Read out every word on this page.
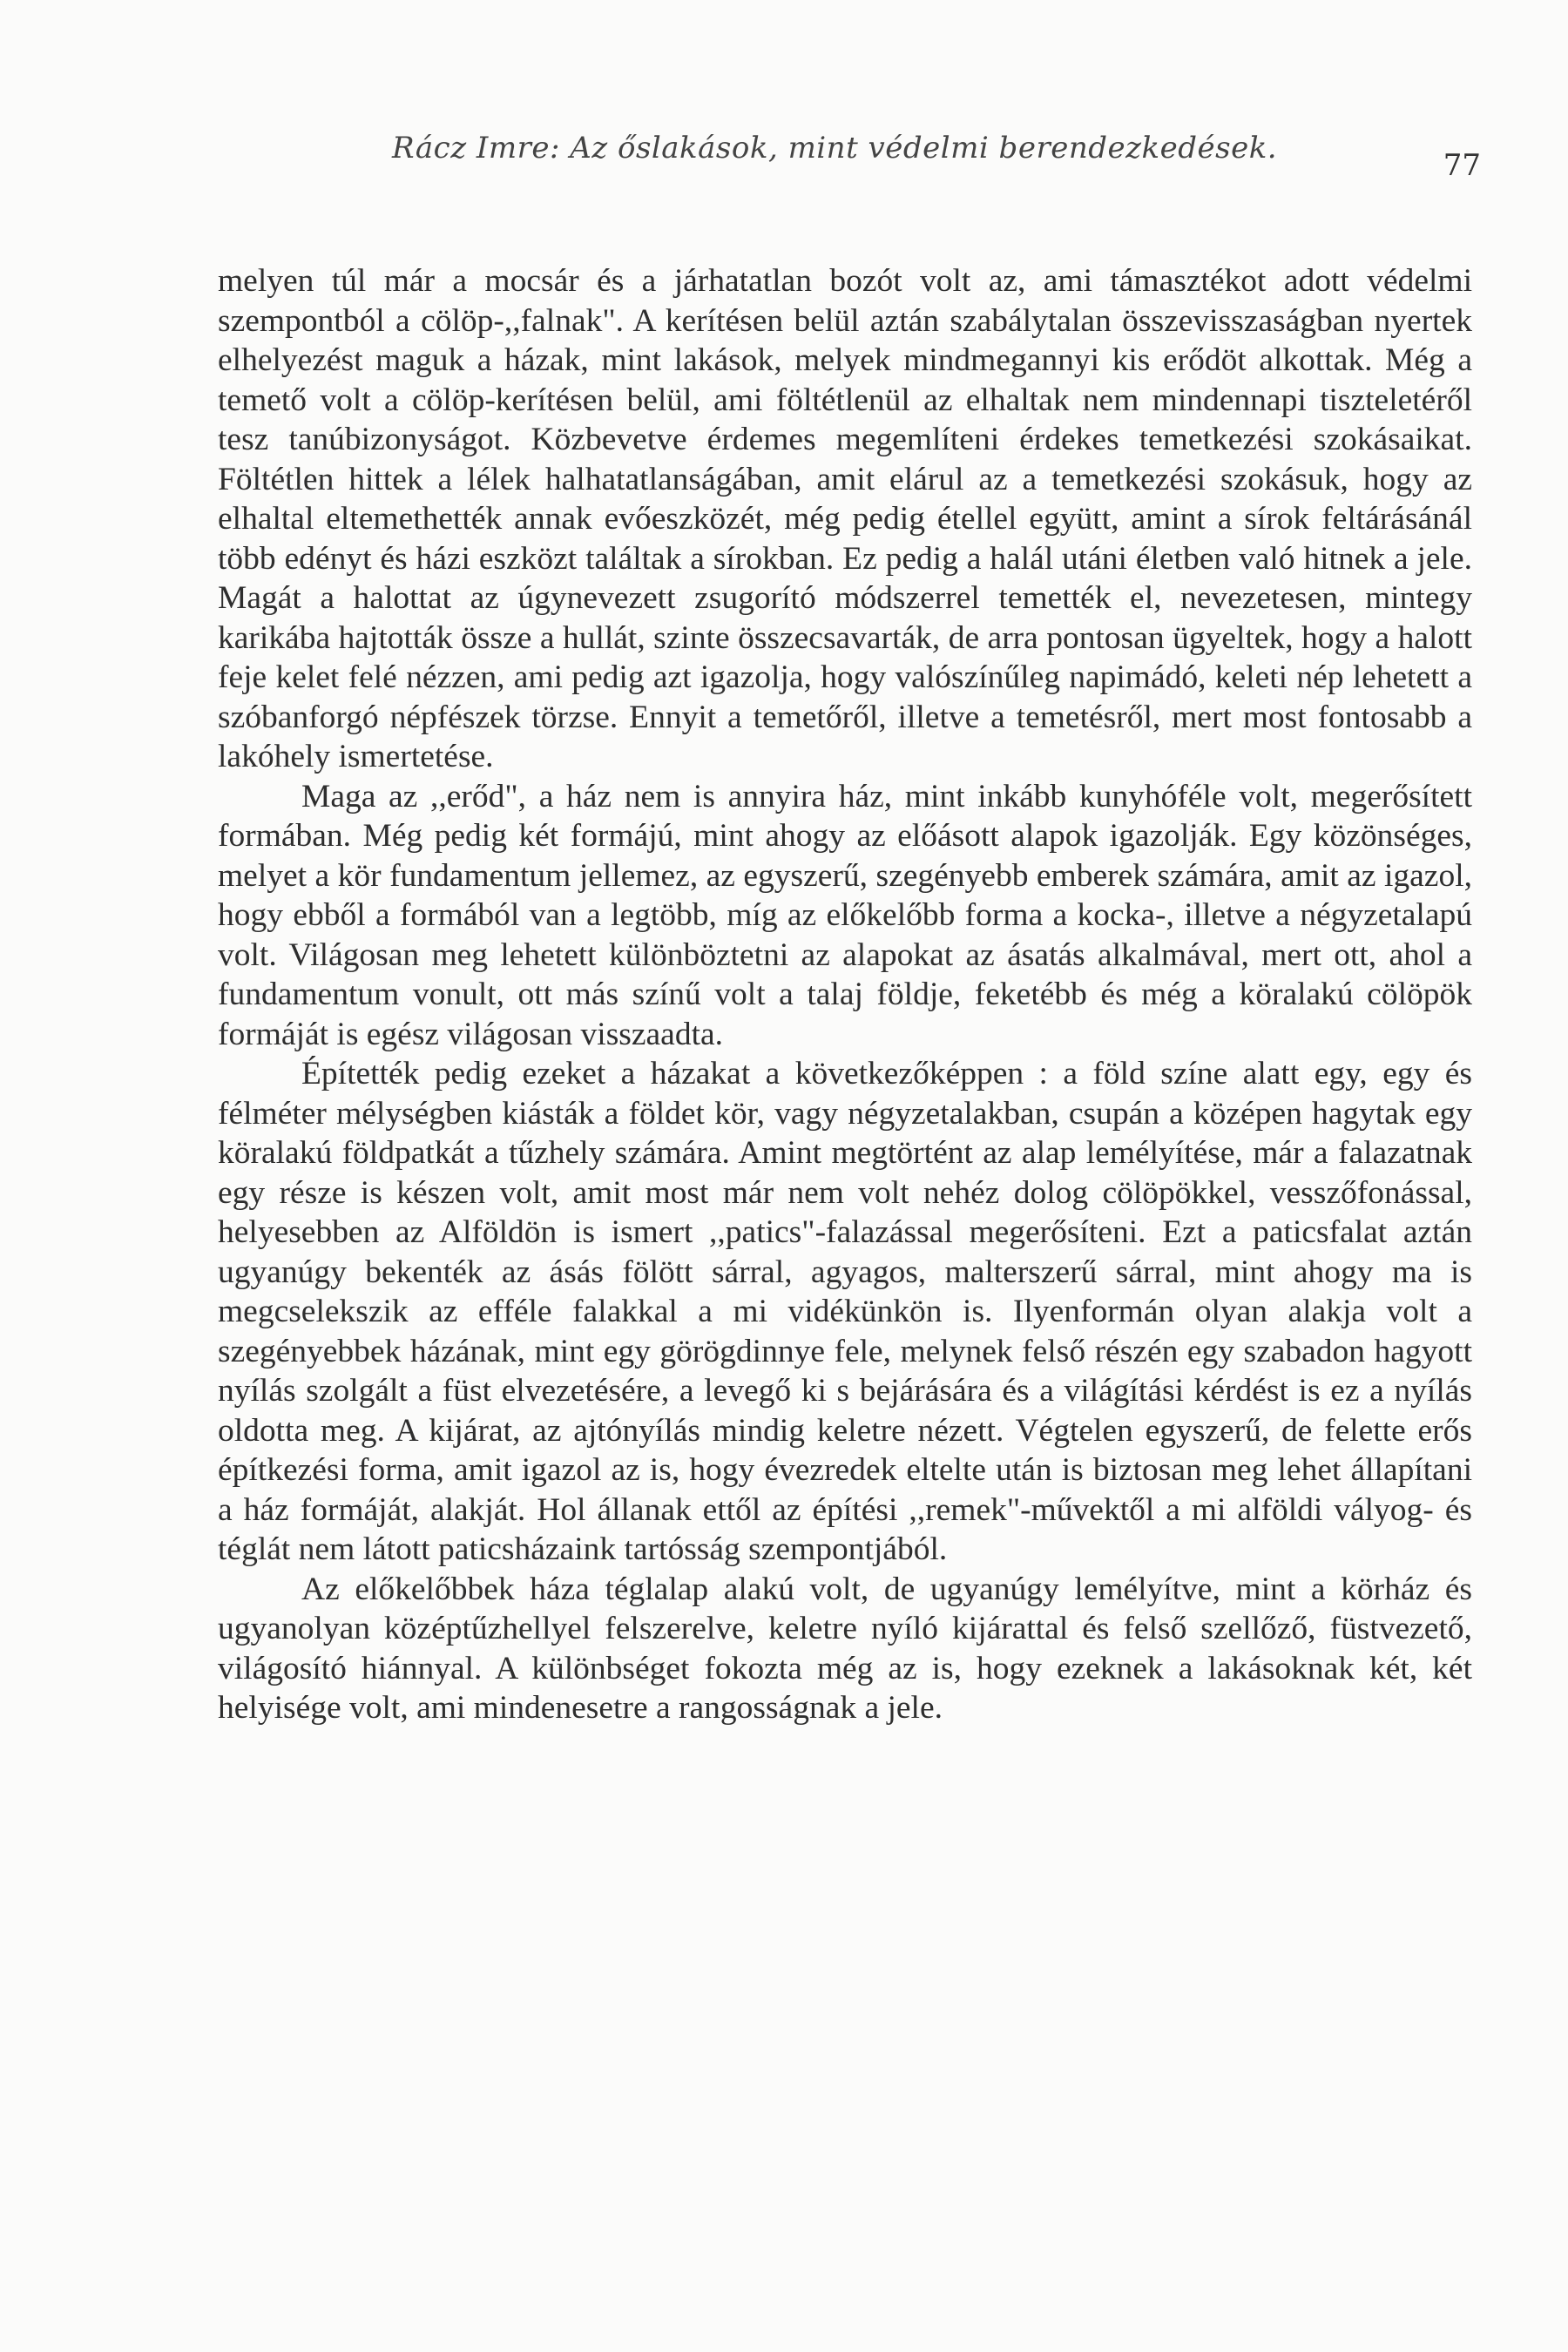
Rácz Imre: Az őslakások, mint védelmi berendezkedések.	77

melyen túl már a mocsár és a járhatatlan bozót volt az, ami támasztékot adott védelmi szempontból a cölöp-,,falnak". A kerítésen belül aztán szabálytalan összevisszaságban nyertek elhelyezést maguk a házak, mint lakások, melyek mindmegannyi kis erődöt alkottak. Még a temető volt a cölöp-kerítésen belül, ami föltétlenül az elhaltak nem mindennapi tiszteletéről tesz tanúbizonyságot. Közbevetve érdemes megemlíteni érdekes temetkezési szokásaikat. Föltétlen hittek a lélek halhatatlanságában, amit elárul az a temetkezési szokásuk, hogy az elhaltal eltemethették annak evőeszközét, még pedig étellel együtt, amint a sírok feltárásánál több edényt és házi eszközt találtak a sírokban. Ez pedig a halál utáni életben való hitnek a jele. Magát a halottat az úgynevezett zsugorító módszerrel temették el, nevezetesen, mintegy karikába hajtották össze a hullát, szinte összecsavarták, de arra pontosan ügyeltek, hogy a halott feje kelet felé nézzen, ami pedig azt igazolja, hogy valószínűleg napimádó, keleti nép lehetett a szóbanforgó népfészek törzse. Ennyit a temetőről, illetve a temetésről, mert most fontosabb a lakóhely ismertetése.

Maga az ,,erőd", a ház nem is annyira ház, mint inkább kunyhóféle volt, megerősített formában. Még pedig két formájú, mint ahogy az előásott alapok igazolják. Egy közönséges, melyet a kör fundamentum jellemez, az egyszerű, szegényebb emberek számára, amit az igazol, hogy ebből a formából van a legtöbb, míg az előkelőbb forma a kocka-, illetve a négyzetalapú volt. Világosan meg lehetett különböztetni az alapokat az ásatás alkalmával, mert ott, ahol a fundamentum vonult, ott más színű volt a talaj földje, feketébb és még a köralakú cölöpök formáját is egész világosan visszaadta.

Építették pedig ezeket a házakat a következőképpen : a föld színe alatt egy, egy és félméter mélységben kiásták a földet kör, vagy négyzetalakban, csupán a középen hagytak egy köralakú földpatkát a tűzhely számára. Amint megtörtént az alap lemélyítése, már a falazatnak egy része is készen volt, amit most már nem volt nehéz dolog cölöpökkel, vesszőfonással, helyesebben az Alföldön is ismert ,,patics"-falazással megerősíteni. Ezt a paticsfalat aztán ugyanúgy bekenték az ásás fölött sárral, agyagos, malterszerű sárral, mint ahogy ma is megcselekszik az efféle falakkal a mi vidékünkön is. Ilyenformán olyan alakja volt a szegényebbek házának, mint egy görögdinnye fele, melynek felső részén egy szabadon hagyott nyílás szolgált a füst elvezetésére, a levegő ki s bejárására és a világítási kérdést is ez a nyílás oldotta meg. A kijárat, az ajtónyílás mindig keletre nézett. Végtelen egyszerű, de felette erős építkezési forma, amit igazol az is, hogy évezredek eltelte után is biztosan meg lehet állapítani a ház formáját, alakját. Hol állanak ettől az építési ,,remek"-művektől a mi alföldi vályog- és téglát nem látott paticsházaink tartósság szempontjából.

Az előkelőbbek háza téglalap alakú volt, de ugyanúgy lemélyítve, mint a körház és ugyanolyan középtűzhellyel felszerelve, keletre nyíló kijárattal és felső szellőző, füstvezető, világosító hiánnyal. A különbséget fokozta még az is, hogy ezeknek a lakásoknak két, két helyisége volt, ami mindenesetre a rangosságnak a jele.
